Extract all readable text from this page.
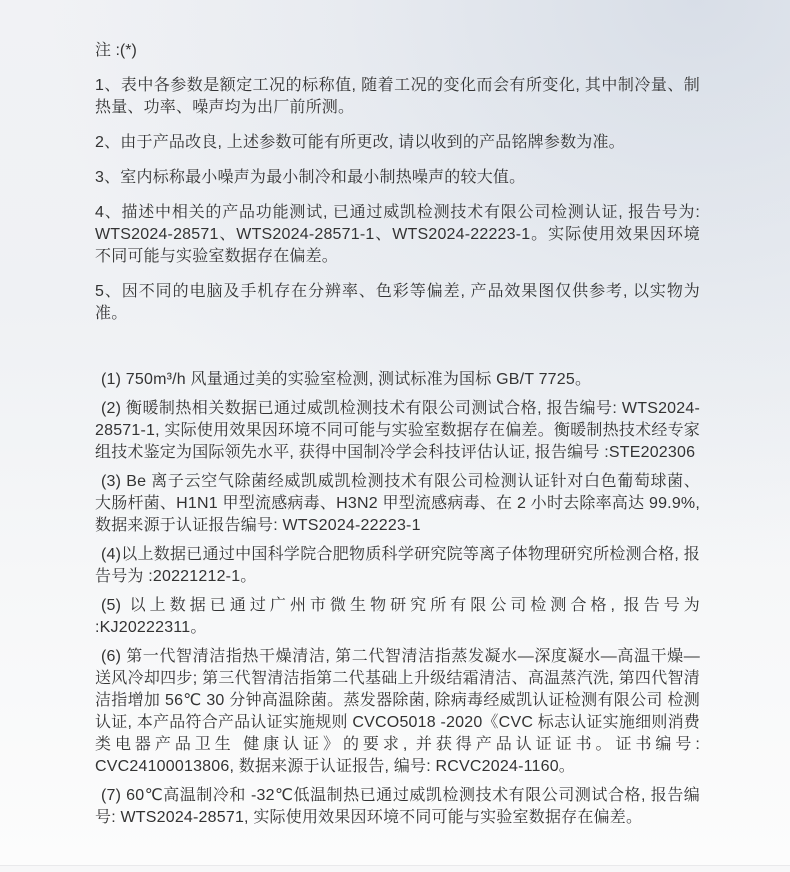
注 :(*)

1、表中各参数是额定工况的标称值, 随着工况的变化而会有所变化, 其中制冷量、制热量、功率、噪声均为出厂前所测。

2、由于产品改良, 上述参数可能有所更改, 请以收到的产品铭牌参数为准。

3、室内标称最小噪声为最小制冷和最小制热噪声的较大值。

4、描述中相关的产品功能测试, 已通过威凯检测技术有限公司检测认证, 报告号为: WTS2024-28571、WTS2024-28571-1、WTS2024-22223-1。实际使用效果因环境不同可能与实验室数据存在偏差。

5、因不同的电脑及手机存在分辨率、色彩等偏差, 产品效果图仅供参考, 以实物为准。

(1) 750m³/h 风量通过美的实验室检测, 测试标准为国标 GB/T 7725。

(2) 衡暖制热相关数据已通过威凯检测技术有限公司测试合格, 报告编号: WTS2024-28571-1, 实际使用效果因环境不同可能与实验室数据存在偏差。衡暖制热技术经专家组技术鉴定为国际领先水平, 获得中国制冷学会科技评估认证, 报告编号 :STE202306

(3) Be 离子云空气除菌经威凯威凯检测技术有限公司检测认证针对白色葡萄球菌、大肠杆菌、H1N1 甲型流感病毒、H3N2 甲型流感病毒、在 2 小时去除率高达 99.9%, 数据来源于认证报告编号: WTS2024-22223-1

(4)以上数据已通过中国科学院合肥物质科学研究院等离子体物理研究所检测合格, 报告号为 :20221212-1。

(5) 以上数据已通过广州市微生物研究所有限公司检测合格, 报告号为 :KJ20222311。

(6) 第一代智清洁指热干燥清洁, 第二代智清洁指蒸发凝水—深度凝水—高温干燥—送风冷却四步; 第三代智清洁指第二代基础上升级结霜清洁、高温蒸汽洗, 第四代智清洁指增加 56℃ 30 分钟高温除菌。蒸发器除菌, 除病毒经威凯认证检测有限公司 检测认证, 本产品符合产品认证实施规则 CVCO5018 -2020《CVC 标志认证实施细则消费类电器产品卫生 健康认证》的要求, 并获得产品认证证书。证书编号: CVC24100013806, 数据来源于认证报告, 编号: RCVC2024-1160。

(7) 60℃高温制冷和 -32℃低温制热已通过威凯检测技术有限公司测试合格, 报告编号: WTS2024-28571, 实际使用效果因环境不同可能与实验室数据存在偏差。
